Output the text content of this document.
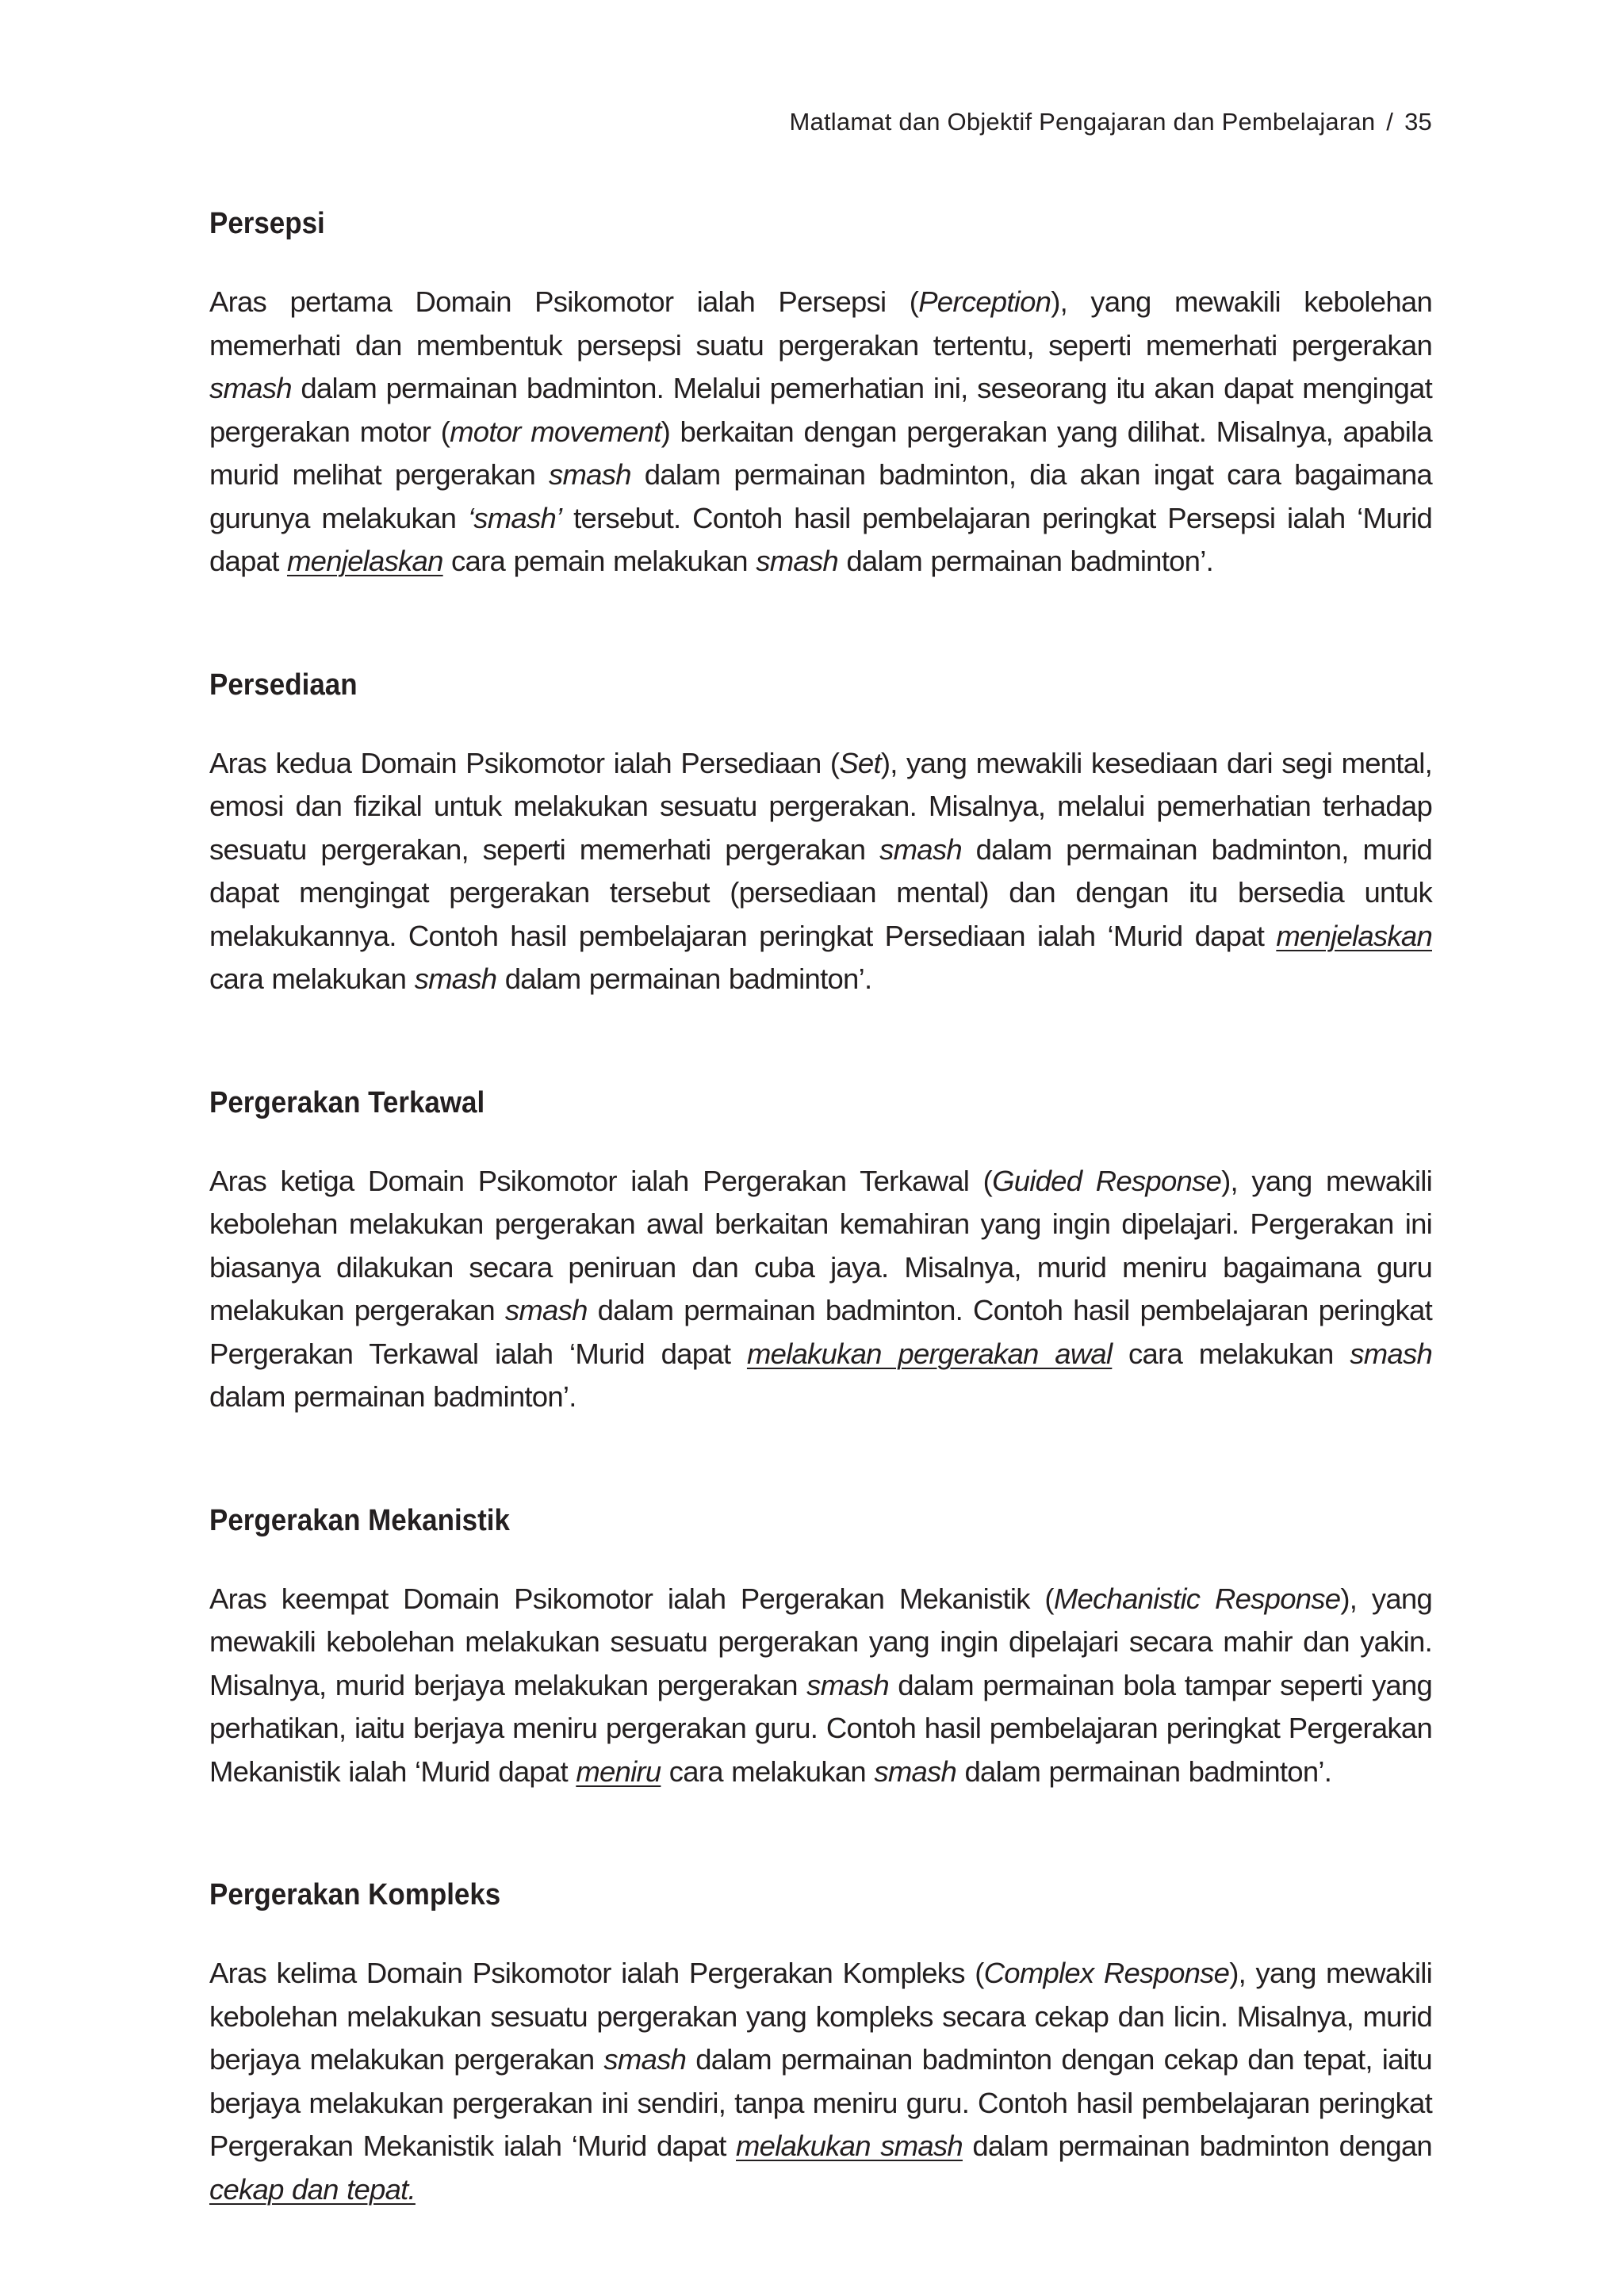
Matlamat dan Objektif Pengajaran dan Pembelajaran / 35
Persepsi

Aras pertama Domain Psikomotor ialah Persepsi (Perception), yang mewakili kebolehan memerhati dan membentuk persepsi suatu pergerakan tertentu, seperti memerhati pergerakan smash dalam permainan badminton. Melalui pemerhatian ini, seseorang itu akan dapat mengingat pergerakan motor (motor movement) berkaitan dengan pergerakan yang dilihat. Misalnya, apabila murid melihat pergerakan smash dalam permainan badminton, dia akan ingat cara bagaimana gurunya melakukan ‘smash’ tersebut. Contoh hasil pembelajaran peringkat Persepsi ialah ‘Murid dapat menjelaskan cara pemain melakukan smash dalam permainan badminton’.

Persediaan

Aras kedua Domain Psikomotor ialah Persediaan (Set), yang mewakili kesediaan dari segi mental, emosi dan fizikal untuk melakukan sesuatu pergerakan. Misalnya, melalui pemerhatian terhadap sesuatu pergerakan, seperti memerhati pergerakan smash dalam permainan badminton, murid dapat mengingat pergerakan tersebut (persediaan mental) dan dengan itu bersedia untuk melakukannya. Contoh hasil pembelajaran peringkat Persediaan ialah ‘Murid dapat menjelaskan cara melakukan smash dalam permainan badminton’.

Pergerakan Terkawal

Aras ketiga Domain Psikomotor ialah Pergerakan Terkawal (Guided Response), yang mewakili kebolehan melakukan pergerakan awal berkaitan kemahiran yang ingin dipelajari. Pergerakan ini biasanya dilakukan secara peniruan dan cuba jaya. Misalnya, murid meniru bagaimana guru melakukan pergerakan smash dalam permainan badminton. Contoh hasil pembelajaran peringkat Pergerakan Terkawal ialah ‘Murid dapat melakukan pergerakan awal cara melakukan smash dalam permainan badminton’.

Pergerakan Mekanistik

Aras keempat Domain Psikomotor ialah Pergerakan Mekanistik (Mechanistic Response), yang mewakili kebolehan melakukan sesuatu pergerakan yang ingin dipelajari secara mahir dan yakin. Misalnya, murid berjaya melakukan pergerakan smash dalam permainan bola tampar seperti yang perhatikan, iaitu berjaya meniru pergerakan guru. Contoh hasil pembelajaran peringkat Pergerakan Mekanistik ialah ‘Murid dapat meniru cara melakukan smash dalam permainan badminton’.

Pergerakan Kompleks

Aras kelima Domain Psikomotor ialah Pergerakan Kompleks (Complex Response), yang mewakili kebolehan melakukan sesuatu pergerakan yang kompleks secara cekap dan licin. Misalnya, murid berjaya melakukan pergerakan smash dalam permainan badminton dengan cekap dan tepat, iaitu berjaya melakukan pergerakan ini sendiri, tanpa meniru guru. Contoh hasil pembelajaran peringkat Pergerakan Mekanistik ialah ‘Murid dapat melakukan smash dalam permainan badminton dengan cekap dan tepat.
